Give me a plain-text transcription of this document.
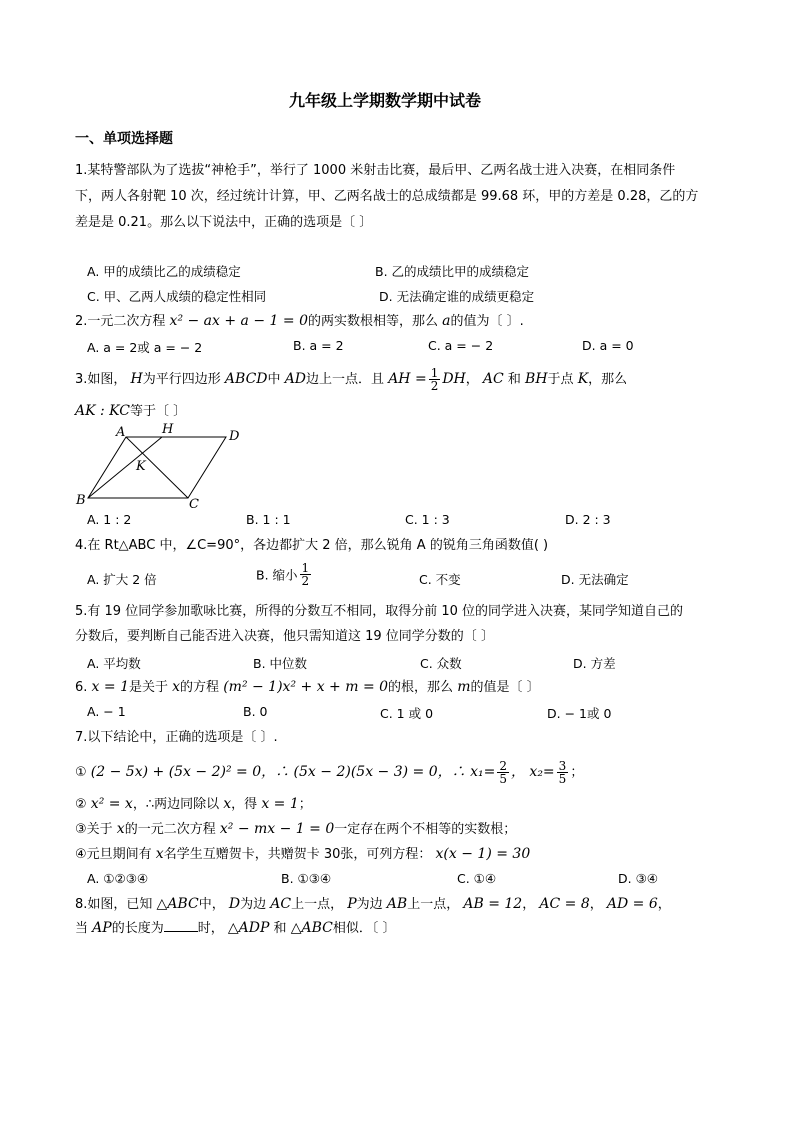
九年级上学期数学期中试卷
一、单项选择题
1.某特警部队为了选拔“神枪手”，举行了 1000 米射击比赛，最后甲、乙两名战士进入决赛，在相同条件
下，两人各射靶 10 次，经过统计计算，甲、乙两名战士的总成绩都是 99.68 环，甲的方差是 0.28，乙的方
差是是 0.21。那么以下说法中，正确的选项是〔 〕
A. 甲的成绩比乙的成绩稳定	B. 乙的成绩比甲的成绩稳定
C. 甲、乙两人成绩的稳定性相同	D. 无法确定谁的成绩更稳定
2.一元二次方程 x² − ax + a − 1 = 0的两实数根相等，那么 a的值为〔 〕.
A. a = 2或 a = − 2	B. a = 2	C. a = − 2	D. a = 0
3.如图， H为平行四边形 ABCD中 AD边上一点．且 AH = $\frac{1}{2}$ DH， AC 和 BH于点 K，那么
AK : KC等于〔 〕
A	H	D
K
B	C
A. 1 : 2	B. 1 : 1	C. 1 : 3	D. 2 : 3
4.在 Rt△ABC 中，∠C=90°，各边都扩大 2 倍，那么锐角 A 的锐角三角函数值( )
A. 扩大 2 倍	B. 缩小 $\frac{1}{2}$	C. 不变	D. 无法确定
5.有 19 位同学参加歌咏比赛，所得的分数互不相同，取得分前 10 位的同学进入决赛，某同学知道自己的
分数后，要判断自己能否进入决赛，他只需知道这 19 位同学分数的〔 〕
A. 平均数	B. 中位数	C. 众数	D. 方差
6. x = 1是关于 x的方程 (m² − 1)x² + x + m = 0的根，那么 m的值是〔 〕
A. − 1	B. 0	C. 1 或 0	D. − 1或 0
7.以下结论中，正确的选项是〔 〕.
① (2 − 5x) + (5x − 2)² = 0，∴ (5x − 2)(5x − 3) = 0，∴ $x_1= \frac{2}{5}$ ， $x_2= \frac{3}{5}$ ；
② x² = x，∴两边同除以 x，得 x = 1；
③关于 x的一元二次方程 x² − mx − 1 = 0一定存在两个不相等的实数根；
④元旦期间有 x名学生互赠贺卡，共赠贺卡 30张，可列方程： x(x − 1) = 30
A. ①②③④	B. ①③④	C. ①④	D. ③④
8.如图，已知 △ABC中， D为边 AC上一点， P为边 AB上一点， AB = 12， AC = 8， AD = 6，
当 AP的长度为	时， △ADP 和 △ABC相似．〔 〕
